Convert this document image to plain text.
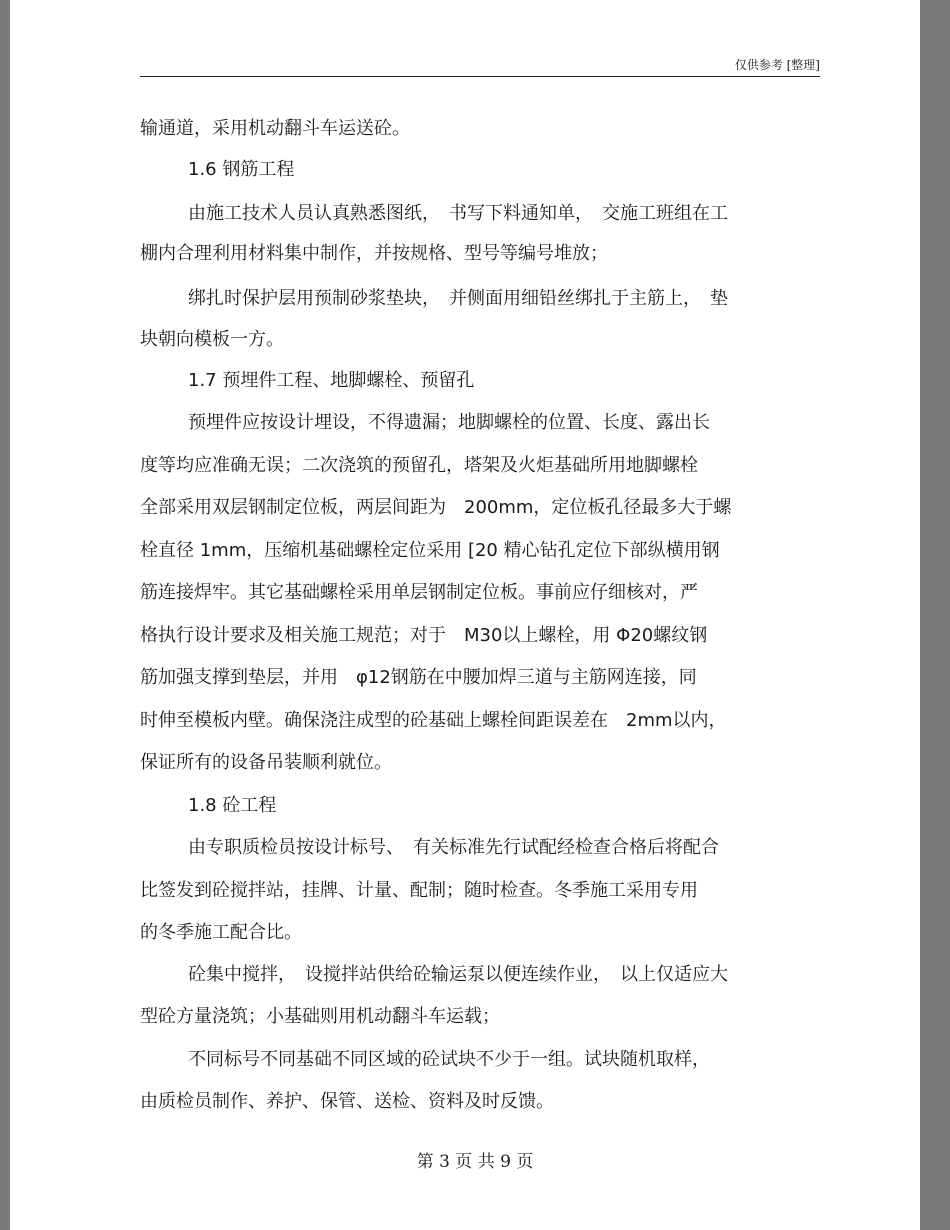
仅供参考 [整理]
输通道，采用机动翻斗车运送砼。
1.6 钢筋工程
由施工技术人员认真熟悉图纸，　书写下料通知单，　交施工班组在工
棚内合理利用材料集中制作，并按规格、型号等编号堆放；
绑扎时保护层用预制砂浆垫块，　并侧面用细铅丝绑扎于主筋上，　垫
块朝向模板一方。
1.7 预埋件工程、地脚螺栓、预留孔
预埋件应按设计埋设，不得遗漏；地脚螺栓的位置、长度、露出长
度等均应准确无误；二次浇筑的预留孔，塔架及火炬基础所用地脚螺栓
全部采用双层钢制定位板，两层间距为　200mm，定位板孔径最多大于螺
栓直径 1mm，压缩机基础螺栓定位采用 [20 精心钻孔定位下部纵横用钢
筋连接焊牢。其它基础螺栓采用单层钢制定位板。事前应仔细核对，严
格执行设计要求及相关施工规范；对于　M30以上螺栓，用 Φ20螺纹钢
筋加强支撑到垫层，并用　φ12钢筋在中腰加焊三道与主筋网连接，同
时伸至模板内壁。确保浇注成型的砼基础上螺栓间距误差在　2mm以内，
保证所有的设备吊装顺利就位。
1.8 砼工程
由专职质检员按设计标号、　有关标准先行试配经检查合格后将配合
比签发到砼搅拌站，挂牌、计量、配制；随时检查。冬季施工采用专用
的冬季施工配合比。
砼集中搅拌，　设搅拌站供给砼输运泵以便连续作业，　以上仅适应大
型砼方量浇筑；小基础则用机动翻斗车运载；
不同标号不同基础不同区域的砼试块不少于一组。试块随机取样，
由质检员制作、养护、保管、送检、资料及时反馈。
第 3 页 共 9 页
